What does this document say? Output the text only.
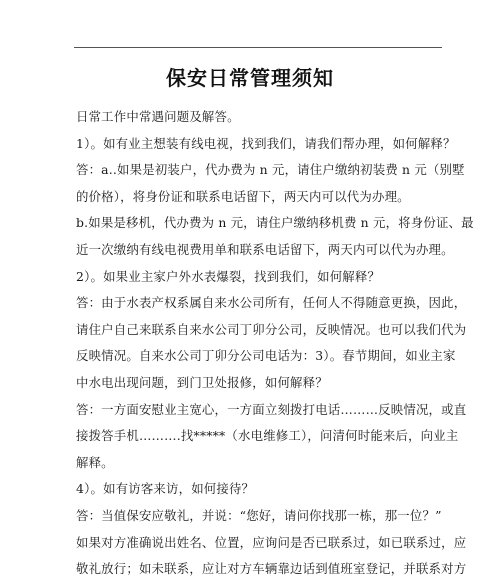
保安日常管理须知
日常工作中常遇问题及解答。
1）。如有业主想装有线电视，找到我们，请我们帮办理，如何解释？
答：a..如果是初装户，代办费为 n 元，请住户缴纳初装费 n 元（别墅
的价格），将身份证和联系电话留下，两天内可以代为办理。
b.如果是移机，代办费为 n 元，请住户缴纳移机费 n 元，将身份证、最
近一次缴纳有线电视费用单和联系电话留下，两天内可以代为办理。
2）。如果业主家户外水表爆裂，找到我们，如何解释？
答：由于水表产权系属自来水公司所有，任何人不得随意更换，因此，
请住户自己来联系自来水公司丁卯分公司，反映情况。也可以我们代为
反映情况。自来水公司丁卯分公司电话为：3）。春节期间，如业主家
中水电出现问题，到门卫处报修，如何解释？
答：一方面安慰业主宽心，一方面立刻拨打电话………反映情况，或直
接拨答手机……….找*****（水电维修工），问清何时能来后，向业主
解释。
4）。如有访客来访，如何接待？
答：当值保安应敬礼，并说：“您好，请问你找那一栋，那一位？”
如果对方准确说出姓名、位置，应询问是否已联系过，如已联系过，应
敬礼放行；如未联系，应让对方车辆靠边话到值班室登记，并联系对方
